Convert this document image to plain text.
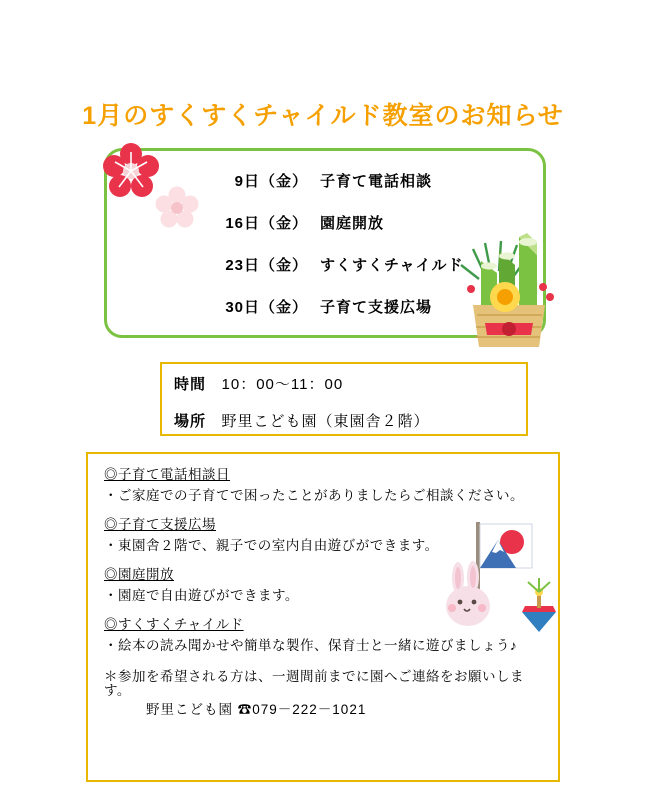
1月のすくすくチャイルド教室のお知らせ
9日（金） 子育て電話相談
16日（金） 園庭開放
23日（金） すくすくチャイルド
30日（金） 子育て支援広場
時間 10：00～11：00
場所 野里こども園（東園舎２階）

◎子育て電話相談日

・ご家庭での子育てで困ったことがありましたらご相談ください。

◎子育て支援広場

・東園舎２階で、親子での室内自由遊びができます。

◎園庭開放

・園庭で自由遊びができます。

◎すくすくチャイルド

・絵本の読み聞かせや簡単な製作、保育士と一緒に遊びましょう♪

＊参加を希望される方は、一週間前までに園へご連絡をお願いします。

野里こども園 ☎079－222－1021
